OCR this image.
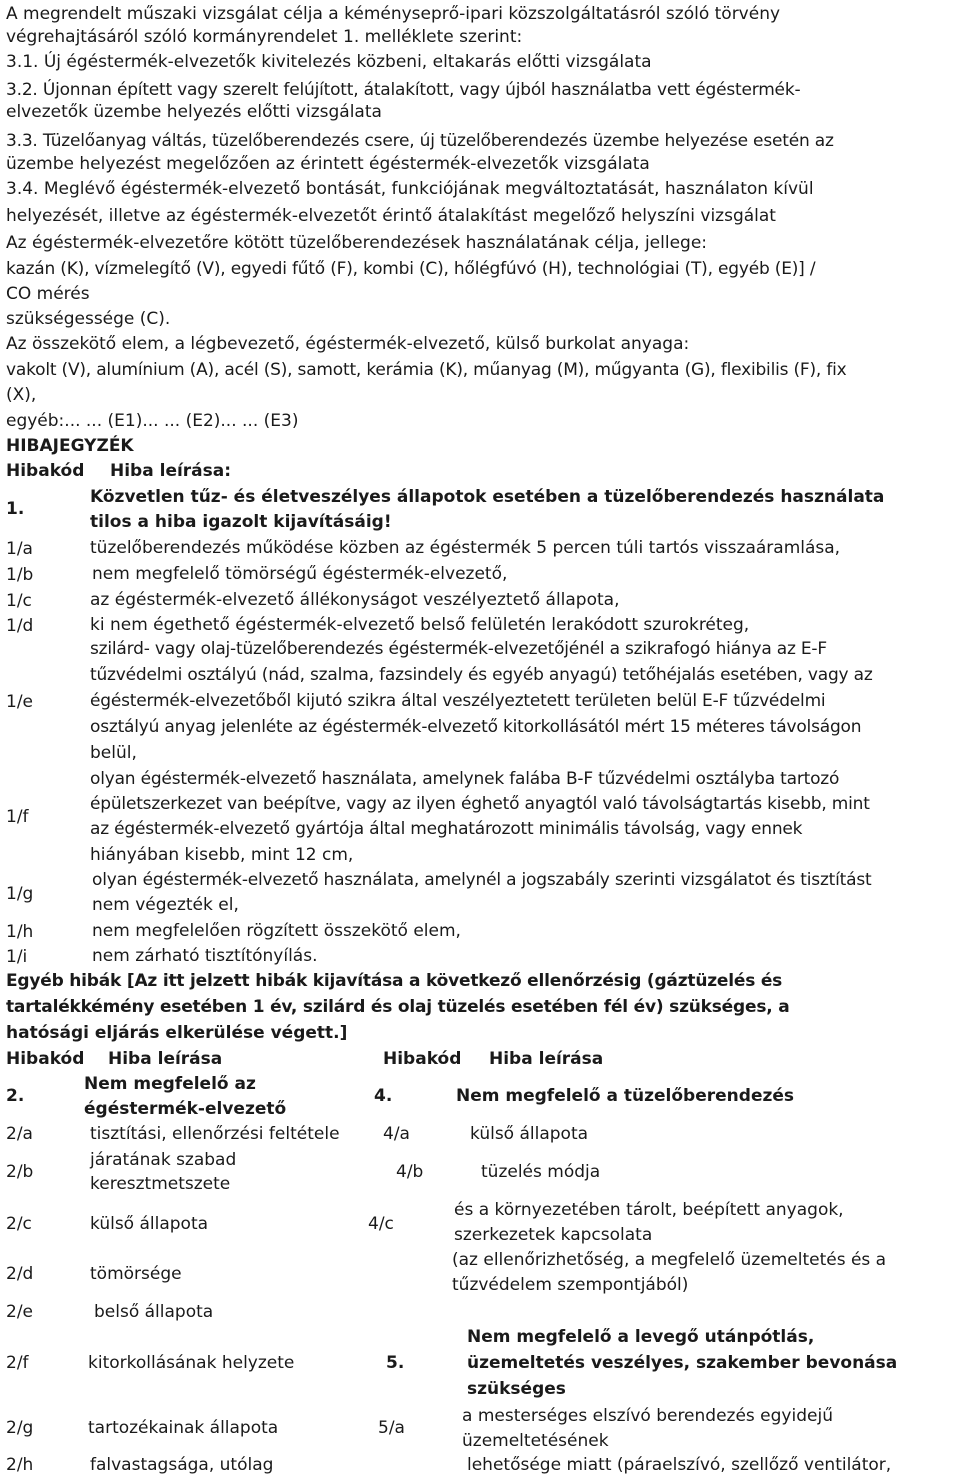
A megrendelt műszaki vizsgálat célja a kéményseprő-ipari közszolgáltatásról szóló törvény
végrehajtásáról szóló kormányrendelet 1. melléklete szerint:
3.1. Új égéstermék-elvezetők kivitelezés közbeni, eltakarás előtti vizsgálata
3.2. Újonnan épített vagy szerelt felújított, átalakított, vagy újból használatba vett égéstermék-
elvezetők üzembe helyezés előtti vizsgálata
3.3. Tüzelőanyag váltás, tüzelőberendezés csere, új tüzelőberendezés üzembe helyezése esetén az
üzembe helyezést megelőzően az érintett égéstermék-elvezetők vizsgálata
3.4. Meglévő égéstermék-elvezető bontását, funkciójának megváltoztatását, használaton kívül
helyezését, illetve az égéstermék-elvezetőt érintő átalakítást megelőző helyszíni vizsgálat
Az égéstermék-elvezetőre kötött tüzelőberendezések használatának célja, jellege:
kazán (K), vízmelegítő (V), egyedi fűtő (F), kombi (C), hőlégfúvó (H), technológiai (T), egyéb (E)] /
CO mérés
szükségessége (C).
Az összekötő elem, a légbevezető, égéstermék-elvezető, külső burkolat anyaga:
vakolt (V), alumínium (A), acél (S), samott, kerámia (K), műanyag (M), műgyanta (G), flexibilis (F), fix
(X),
egyéb:... ... (E1)... ... (E2)... ... (E3)
HIBAJEGYZÉK
Hibakód Hiba leírása:
1.
Közvetlen tűz- és életveszélyes állapotok esetében a tüzelőberendezés használata
tilos a hiba igazolt kijavításáig!
1/a	tüzelőberendezés működése közben az égéstermék 5 percen túli tartós visszaáramlása,
1/b	nem megfelelő tömörségű égéstermék-elvezető,
1/c	az égéstermék-elvezető állékonyságot veszélyeztető állapota,
1/d	ki nem égethető égéstermék-elvezető belső felületén lerakódott szurokréteg,
1/e
szilárd- vagy olaj-tüzelőberendezés égéstermék-elvezetőjénél a szikrafogó hiánya az E-F
tűzvédelmi osztályú (nád, szalma, fazsindely és egyéb anyagú) tetőhéjalás esetében, vagy az
égéstermék-elvezetőből kijutó szikra által veszélyeztetett területen belül E-F tűzvédelmi
osztályú anyag jelenléte az égéstermék-elvezető kitorkollásától mért 15 méteres távolságon
belül,
1/f
olyan égéstermék-elvezető használata, amelynek falába B-F tűzvédelmi osztályba tartozó
épületszerkezet van beépítve, vagy az ilyen éghető anyagtól való távolságtartás kisebb, mint
az égéstermék-elvezető gyártója által meghatározott minimális távolság, vagy ennek
hiányában kisebb, mint 12 cm,
1/g
olyan égéstermék-elvezető használata, amelynél a jogszabály szerinti vizsgálatot és tisztítást
nem végezték el,
1/h	nem megfelelően rögzített összekötő elem,
1/i	nem zárható tisztítónyílás.
Egyéb hibák [Az itt jelzett hibák kijavítása a következő ellenőrzésig (gáztüzelés és
tartalékkémény esetében 1 év, szilárd és olaj tüzelés esetében fél év) szükséges, a
hatósági eljárás elkerülése végett.]
Hibakód Hiba leírása	Hibakód Hiba leírása
2.
Nem megfelelő az
égéstermék-elvezető
2/a	tisztítási, ellenőrzési feltétele
2/b
járatának szabad
keresztmetszete
2/c	külső állapota
2/d	tömörsége
2/e	belső állapota
2/f	kitorkollásának helyzete
2/g	tartozékainak állapota
2/h	falvastagsága, utólag
4.	Nem megfelelő a tüzelőberendezés
4/a	külső állapota
4/b	tüzelés módja
4/c
és a környezetében tárolt, beépített anyagok,
szerkezetek kapcsolata
(az ellenőrizhetőség, a megfelelő üzemeltetés és a
tűzvédelem szempontjából)
5.
Nem megfelelő a levegő utánpótlás,
üzemeltetés veszélyes, szakember bevonása
szükséges
5/a
a mesterséges elszívó berendezés egyidejű
üzemeltetésének
lehetősége miatt (páraelszívó, szellőző ventilátor,
